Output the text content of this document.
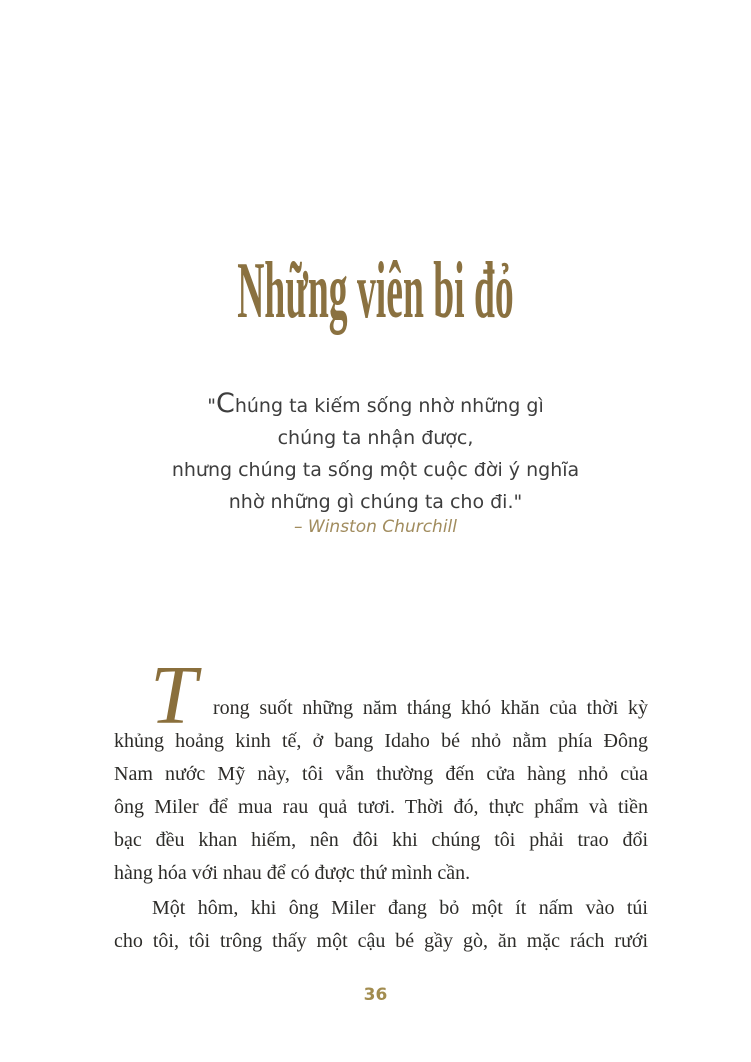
Những viên bi đỏ
"Chúng ta kiếm sống nhờ những gì
chúng ta nhận được,
nhưng chúng ta sống một cuộc đời ý nghĩa
nhờ những gì chúng ta cho đi."
– Winston Churchill
T rong suốt những năm tháng khó khăn của thời kỳ
khủng hoảng kinh tế, ở bang Idaho bé nhỏ nằm phía Đông
Nam nước Mỹ này, tôi vẫn thường đến cửa hàng nhỏ của
ông Miler để mua rau quả tươi. Thời đó, thực phẩm và tiền
bạc đều khan hiếm, nên đôi khi chúng tôi phải trao đổi
hàng hóa với nhau để có được thứ mình cần.
Một hôm, khi ông Miler đang bỏ một ít nấm vào túi
cho tôi, tôi trông thấy một cậu bé gầy gò, ăn mặc rách rưới
36
